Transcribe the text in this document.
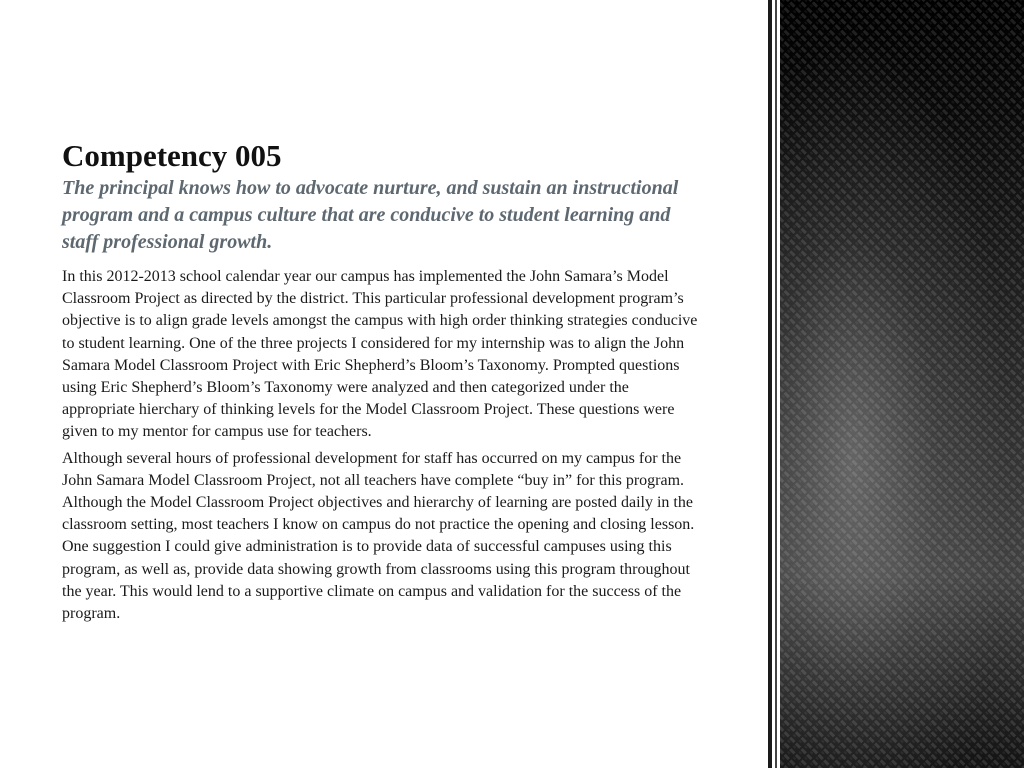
Competency 005

The principal knows how to advocate nurture, and sustain an instructional program and a campus culture that are conducive to student learning and staff professional growth.

In this 2012-2013 school calendar year our campus has implemented the John Samara’s Model Classroom Project as directed by the district. This particular professional development program’s objective is to align grade levels amongst the campus with high order thinking strategies conducive to student learning. One of the three projects I considered for my internship was to align the John Samara Model Classroom Project with Eric Shepherd’s Bloom’s Taxonomy. Prompted questions using Eric Shepherd’s Bloom’s Taxonomy were analyzed and then categorized under the appropriate hierchary of thinking levels for the Model Classroom Project. These questions were given to my mentor for campus use for teachers.

Although several hours of professional development for staff has occurred on my campus for the John Samara Model Classroom Project, not all teachers have complete “buy in” for this program. Although the Model Classroom Project objectives and hierarchy of learning are posted daily in the classroom setting, most teachers I know on campus do not practice the opening and closing lesson. One suggestion I could give administration is to provide data of successful campuses using this program, as well as, provide data showing growth from classrooms using this program throughout the year. This would lend to a supportive climate on campus and validation for the success of the program.
